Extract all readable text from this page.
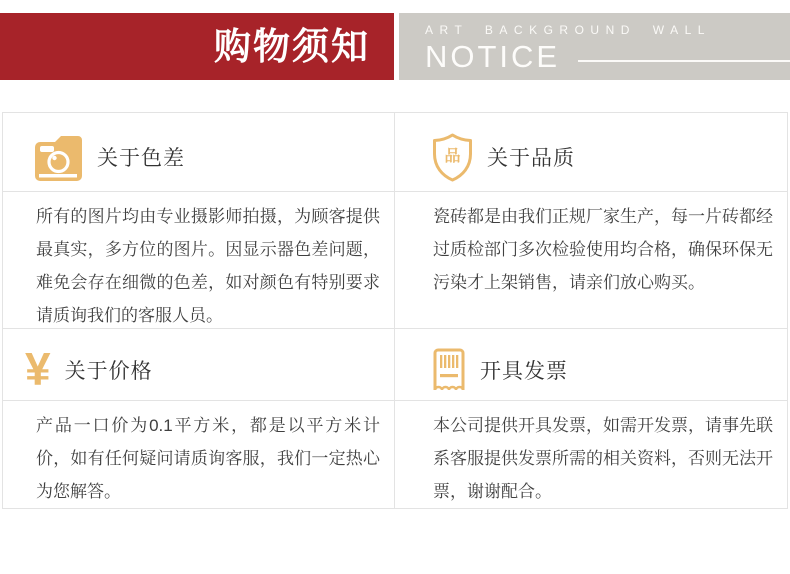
购物须知	ART BACKGROUND WALL
NOTICE
关于色差	品 关于品质

所有的图片均由专业摄影师拍摄，为顾客提供最真实，多方位的图片。因显示器色差问题，难免会存在细微的色差，如对颜色有特别要求请质询我们的客服人员。

瓷砖都是由我们正规厂家生产，每一片砖都经过质检部门多次检验使用均合格，确保环保无污染才上架销售，请亲们放心购买。

¥ 关于价格	开具发票

产品一口价为0.1平方米，都是以平方米计价，如有任何疑问请质询客服，我们一定热心为您解答。

本公司提供开具发票，如需开发票，请事先联系客服提供发票所需的相关资料，否则无法开票，谢谢配合。
